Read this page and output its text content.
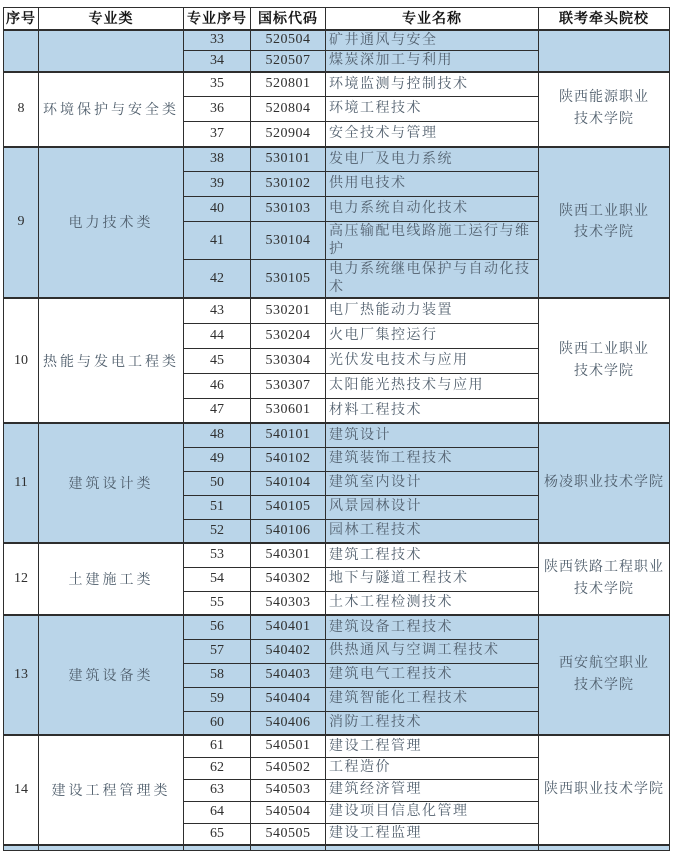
序号	专业类	专业序号	国标代码	专业名称	联考牵头院校
		33	520504	矿井通风与安全	
		34	520507	煤炭深加工与利用	
8	环境保护与安全类	35	520801	环境监测与控制技术	陕西能源职业
技术学院
		36	520804	环境工程技术	
		37	520904	安全技术与管理	
9	电力技术类	38	530101	发电厂及电力系统	陕西工业职业
技术学院
		39	530102	供用电技术	
		40	530103	电力系统自动化技术	
		41	530104	高压输配电线路施工运行与维护	
		42	530105	电力系统继电保护与自动化技术	
10	热能与发电工程类	43	530201	电厂热能动力装置	陕西工业职业
技术学院
		44	530204	火电厂集控运行	
		45	530304	光伏发电技术与应用	
		46	530307	太阳能光热技术与应用	
		47	530601	材料工程技术	
11	建筑设计类	48	540101	建筑设计	杨凌职业技术学院
		49	540102	建筑装饰工程技术	
		50	540104	建筑室内设计	
		51	540105	风景园林设计	
		52	540106	园林工程技术	
12	土建施工类	53	540301	建筑工程技术	陕西铁路工程职业
技术学院
		54	540302	地下与隧道工程技术	
		55	540303	土木工程检测技术	
13	建筑设备类	56	540401	建筑设备工程技术	西安航空职业
技术学院
		57	540402	供热通风与空调工程技术	
		58	540403	建筑电气工程技术	
		59	540404	建筑智能化工程技术	
		60	540406	消防工程技术	
14	建设工程管理类	61	540501	建设工程管理	陕西职业技术学院
		62	540502	工程造价	
		63	540503	建筑经济管理	
		64	540504	建设项目信息化管理	
		65	540505	建设工程监理	
